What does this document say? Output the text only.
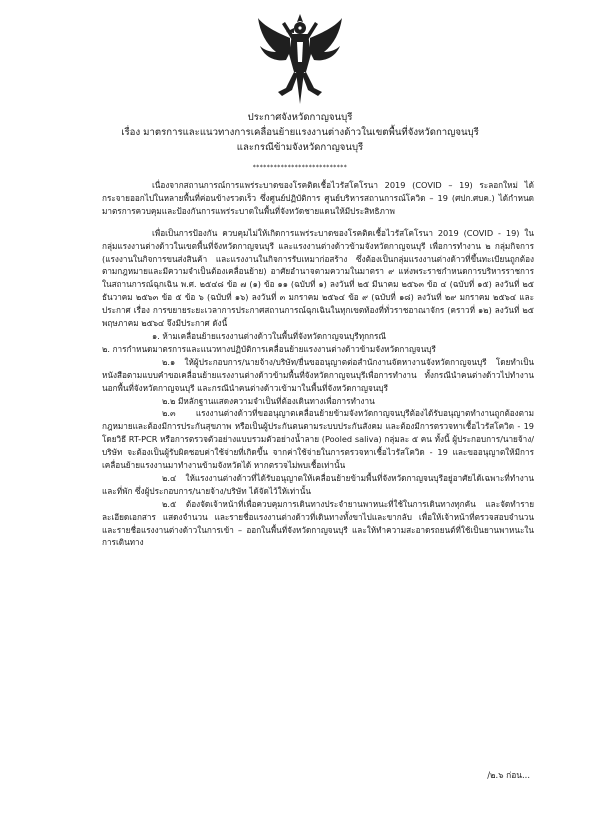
ประกาศจังหวัดกาญจนบุรี
เรื่อง มาตรการและแนวทางการเคลื่อนย้ายแรงงานต่างด้าวในเขตพื้นที่จังหวัดกาญจนบุรี
และกรณีข้ามจังหวัดกาญจนบุรี
***************************

เนื่องจากสถานการณ์การแพร่ระบาดของโรคติดเชื้อไวรัสโคโรนา 2019 (COVID – 19) ระลอกใหม่ ได้กระจายออกไปในหลายพื้นที่ค่อนข้างรวดเร็ว ซึ่งศูนย์ปฏิบัติการ ศูนย์บริหารสถานการณ์โควิด – 19 (ศปก.ศบค.) ได้กำหนดมาตรการควบคุมและป้องกันการแพร่ระบาดในพื้นที่จังหวัดชายแดนให้มีประสิทธิภาพ

เพื่อเป็นการป้องกัน ควบคุมไม่ให้เกิดการแพร่ระบาดของโรคติดเชื้อไวรัสโคโรนา 2019 (COVID - 19) ในกลุ่มแรงงานต่างด้าวในเขตพื้นที่จังหวัดกาญจนบุรี และแรงงานต่างด้าวข้ามจังหวัดกาญจนบุรี เพื่อการทำงาน ๒ กลุ่มกิจการ (แรงงานในกิจการขนส่งสินค้า และแรงงานในกิจการรับเหมาก่อสร้าง ซึ่งต้องเป็นกลุ่มแรงงานต่างด้าวที่ขึ้นทะเบียนถูกต้องตามกฎหมายและมีความจำเป็นต้องเคลื่อนย้าย) อาศัยอำนาจตามความในมาตรา ๙ แห่งพระราชกำหนดการบริหารราชการในสถานการณ์ฉุกเฉิน พ.ศ. ๒๕๔๘ ข้อ ๗ (๑) ข้อ ๑๑ (ฉบับที่ ๑) ลงวันที่ ๒๕ มีนาคม ๒๕๖๓ ข้อ ๔ (ฉบับที่ ๑๕) ลงวันที่ ๒๕ ธันวาคม ๒๕๖๓ ข้อ ๕ ข้อ ๖ (ฉบับที่ ๑๖) ลงวันที่ ๓ มกราคม ๒๕๖๔ ข้อ ๙ (ฉบับที่ ๑๘) ลงวันที่ ๒๙ มกราคม ๒๕๖๔ และประกาศ เรื่อง การขยายระยะเวลาการประกาศสถานการณ์ฉุกเฉินในทุกเขตท้องที่ทั่วราชอาณาจักร (คราวที่ ๑๒) ลงวันที่ ๒๕ พฤษภาคม ๒๕๖๔ จึงมีประกาศ ดังนี้

๑. ห้ามเคลื่อนย้ายแรงงานต่างด้าวในพื้นที่จังหวัดกาญจนบุรีทุกกรณี

๒. การกำหนดมาตรการและแนวทางปฏิบัติการเคลื่อนย้ายแรงงานต่างด้าวข้ามจังหวัดกาญจนบุรี

๒.๑ ให้ผู้ประกอบการ/นายจ้าง/บริษัท/ยื่นขออนุญาตต่อสำนักงานจัดหางานจังหวัดกาญจนบุรี โดยทำเป็นหนังสือตามแบบคำขอเคลื่อนย้ายแรงงานต่างด้าวข้ามพื้นที่จังหวัดกาญจนบุรีเพื่อการทำงาน ทั้งกรณีนำคนต่างด้าวไปทำงานนอกพื้นที่จังหวัดกาญจนบุรี และกรณีนำคนต่างด้าวเข้ามาในพื้นที่จังหวัดกาญจนบุรี

๒.๒ มีหลักฐานแสดงความจำเป็นที่ต้องเดินทางเพื่อการทำงาน

๒.๓ แรงงานต่างด้าวที่ขออนุญาตเคลื่อนย้ายข้ามจังหวัดกาญจนบุรีต้องได้รับอนุญาตทำงานถูกต้องตามกฎหมายและต้องมีการประกันสุขภาพ หรือเป็นผู้ประกันตนตามระบบประกันสังคม และต้องมีการตรวจหาเชื้อไวรัสโควิด - 19 โดยวิธี RT-PCR หรือการตรวจตัวอย่างแบบรวมตัวอย่างน้ำลาย (Pooled saliva) กลุ่มละ ๕ คน ทั้งนี้ ผู้ประกอบการ/นายจ้าง/บริษัท จะต้องเป็นผู้รับผิดชอบค่าใช้จ่ายที่เกิดขึ้น จากค่าใช้จ่ายในการตรวจหาเชื้อไวรัสโควิด - 19 และขออนุญาตให้มีการเคลื่อนย้ายแรงงานมาทำงานข้ามจังหวัดได้ หากตรวจไม่พบเชื้อเท่านั้น

๒.๔ ให้แรงงานต่างด้าวที่ได้รับอนุญาตให้เคลื่อนย้ายข้ามพื้นที่จังหวัดกาญจนบุรีอยู่อาศัยได้เฉพาะที่ทำงานและที่พัก ซึ่งผู้ประกอบการ/นายจ้าง/บริษัท ได้จัดไว้ให้เท่านั้น

๒.๕ ต้องจัดเจ้าหน้าที่เพื่อควบคุมการเดินทางประจำยานพาหนะที่ใช้ในการเดินทางทุกคัน และจัดทำรายละเอียดเอกสาร แสดงจำนวน และรายชื่อแรงงานต่างด้าวที่เดินทางทั้งขาไปและขากลับ เพื่อให้เจ้าหน้าที่ตรวจสอบจำนวนและรายชื่อแรงงานต่างด้าวในการเข้า – ออกในพื้นที่จังหวัดกาญจนบุรี และให้ทำความสะอาดรถยนต์ที่ใช้เป็นยานพาหนะในการเดินทาง

/๒.๖ ก่อน...
